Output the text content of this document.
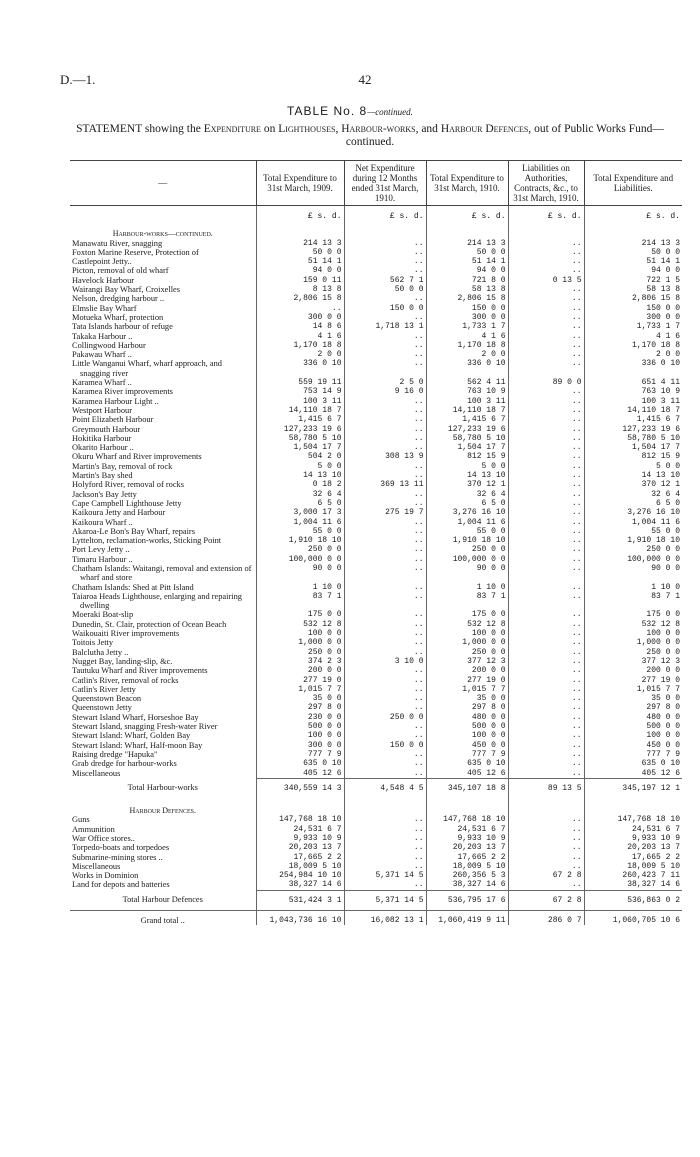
D.—1.	42
TABLE No. 8—continued.
STATEMENT showing the Expenditure on Lighthouses, Harbour-works, and Harbour Defences, out of Public Works Fund—continued.
—	Total Expenditure to 31st March, 1909.	Net Expenditure during 12 Months ended 31st March, 1910.	Total Expenditure to 31st March, 1910.	Liabilities on Authorities, Contracts, &c., to 31st March, 1910.	Total Expenditure and Liabilities.
	£ s. d.	£ s. d.	£ s. d.	£ s. d.	£ s. d.
Harbour-works—continued.					

Manawatu River, snagging	214 13 3	..	214 13 3	..	214 13 3

Foxton Marine Reserve, Protection of	50 0 0	..	50 0 0	..	50 0 0

Castlepoint Jetty..	51 14 1	..	51 14 1	..	51 14 1

Picton, removal of old wharf	94 0 0	..	94 0 0	..	94 0 0

Havelock Harbour	159 0 11	562 7 1	721 8 0	0 13 5	722 1 5

Wairangi Bay Wharf, Croixelles	8 13 8	50 0 0	58 13 8	..	58 13 8

Nelson, dredging harbour ..	2,806 15 8	..	2,806 15 8	..	2,806 15 8

Elmslie Bay Wharf	..	150 0 0	150 0 0	..	150 0 0

Motueka Wharf, protection	300 0 0	..	300 0 0	..	300 0 0

Tata Islands harbour of refuge	14 8 6	1,718 13 1	1,733 1 7	..	1,733 1 7

Takaka Harbour ..	4 1 6	..	4 1 6	..	4 1 6

Collingwood Harbour	1,170 18 8	..	1,170 18 8	..	1,170 18 8

Pakawau Wharf ..	2 0 0	..	2 0 0	..	2 0 0

Little Wanganui Wharf, wharf approach, and snagging river	336 0 10	..	336 0 10	..	336 0 10

Karamea Wharf ..	559 19 11	2 5 0	562 4 11	89 0 0	651 4 11

Karamea River improvements	753 14 9	9 16 0	763 10 9	..	763 10 9

Karamea Harbour Light ..	100 3 11	..	100 3 11	..	100 3 11

Westport Harbour	14,110 18 7	..	14,110 18 7	..	14,110 18 7

Point Elizabeth Harbour	1,415 6 7	..	1,415 6 7	..	1,415 6 7

Greymouth Harbour	127,233 19 6	..	127,233 19 6	..	127,233 19 6

Hokitika Harbour	58,780 5 10	..	58,780 5 10	..	58,780 5 10

Okarito Harbour ..	1,504 17 7	..	1,504 17 7	..	1,504 17 7

Okuru Wharf and River improvements	504 2 0	308 13 9	812 15 9	..	812 15 9

Martin's Bay, removal of rock	5 0 0	..	5 0 0	..	5 0 0

Martin's Bay shed	14 13 10	..	14 13 10	..	14 13 10

Holyford River, removal of rocks	0 18 2	369 13 11	370 12 1	..	370 12 1

Jackson's Bay Jetty	32 6 4	..	32 6 4	..	32 6 4

Cape Campbell Lighthouse Jetty	6 5 0	..	6 5 0	..	6 5 0

Kaikoura Jetty and Harbour	3,000 17 3	275 19 7	3,276 16 10	..	3,276 16 10

Kaikoura Wharf ..	1,004 11 6	..	1,004 11 6	..	1,004 11 6

Akaroa-Le Bon's Bay Wharf, repairs	55 0 0	..	55 0 0	..	55 0 0

Lyttelton, reclamation-works, Sticking Point	1,910 18 10	..	1,910 18 10	..	1,910 18 10

Port Levy Jetty ..	250 0 0	..	250 0 0	..	250 0 0

Timaru Harbour ..	100,000 0 0	..	100,000 0 0	..	100,000 0 0

Chatham Islands: Waitangi, removal and extension of wharf and store	90 0 0	..	90 0 0	..	90 0 0

Chatham Islands: Shed at Pitt Island	1 10 0	..	1 10 0	..	1 10 0

Taiaroa Heads Lighthouse, enlarging and repairing dwelling	83 7 1	..	83 7 1	..	83 7 1

Moeraki Boat-slip	175 0 0	..	175 0 0	..	175 0 0

Dunedin, St. Clair, protection of Ocean Beach	532 12 8	..	532 12 8	..	532 12 8

Waikouaiti River improvements	100 0 0	..	100 0 0	..	100 0 0

Toitois Jetty	1,000 0 0	..	1,000 0 0	..	1,000 0 0

Balclutha Jetty ..	250 0 0	..	250 0 0	..	250 0 0

Nugget Bay, landing-slip, &c.	374 2 3	3 10 0	377 12 3	..	377 12 3

Tautuku Wharf and River improvements	200 0 0	..	200 0 0	..	200 0 0

Catlin's River, removal of rocks	277 19 0	..	277 19 0	..	277 19 0

Catlin's River Jetty	1,015 7 7	..	1,015 7 7	..	1,015 7 7

Queenstown Beacon	35 0 0	..	35 0 0	..	35 0 0

Queenstown Jetty	297 8 0	..	297 8 0	..	297 8 0

Stewart Island Wharf, Horseshoe Bay	230 0 0	250 0 0	480 0 0	..	480 0 0

Stewart Island, snagging Fresh-water River	500 0 0	..	500 0 0	..	500 0 0

Stewart Island: Wharf, Golden Bay	100 0 0	..	100 0 0	..	100 0 0

Stewart Island: Wharf, Half-moon Bay	300 0 0	150 0 0	450 0 0	..	450 0 0

Raising dredge "Hapuka"	777 7 9	..	777 7 9	..	777 7 9

Grab dredge for harbour-works	635 0 10	..	635 0 10	..	635 0 10

Miscellaneous	405 12 6	..	405 12 6	..	405 12 6
Total Harbour-works	340,559 14 3	4,548 4 5	345,107 18 8	89 13 5	345,197 12 1
Harbour Defences.					

Guns	147,768 18 10	..	147,768 18 10	..	147,768 18 10

Ammunition	24,531 6 7	..	24,531 6 7	..	24,531 6 7

War Office stores..	9,933 10 9	..	9,933 10 9	..	9,933 10 9

Torpedo-boats and torpedoes	20,203 13 7	..	20,203 13 7	..	20,203 13 7

Submarine-mining stores ..	17,665 2 2	..	17,665 2 2	..	17,665 2 2

Miscellaneous	18,009 5 10	..	18,009 5 10	..	18,009 5 10

Works in Dominion	254,984 10 10	5,371 14 5	260,356 5 3	67 2 8	260,423 7 11

Land for depots and batteries	38,327 14 6	..	38,327 14 6	..	38,327 14 6
Total Harbour Defences	531,424 3 1	5,371 14 5	536,795 17 6	67 2 8	536,863 0 2
Grand total ..	1,043,736 16 10	16,082 13 1	1,060,419 9 11	286 0 7	1,060,705 10 6
